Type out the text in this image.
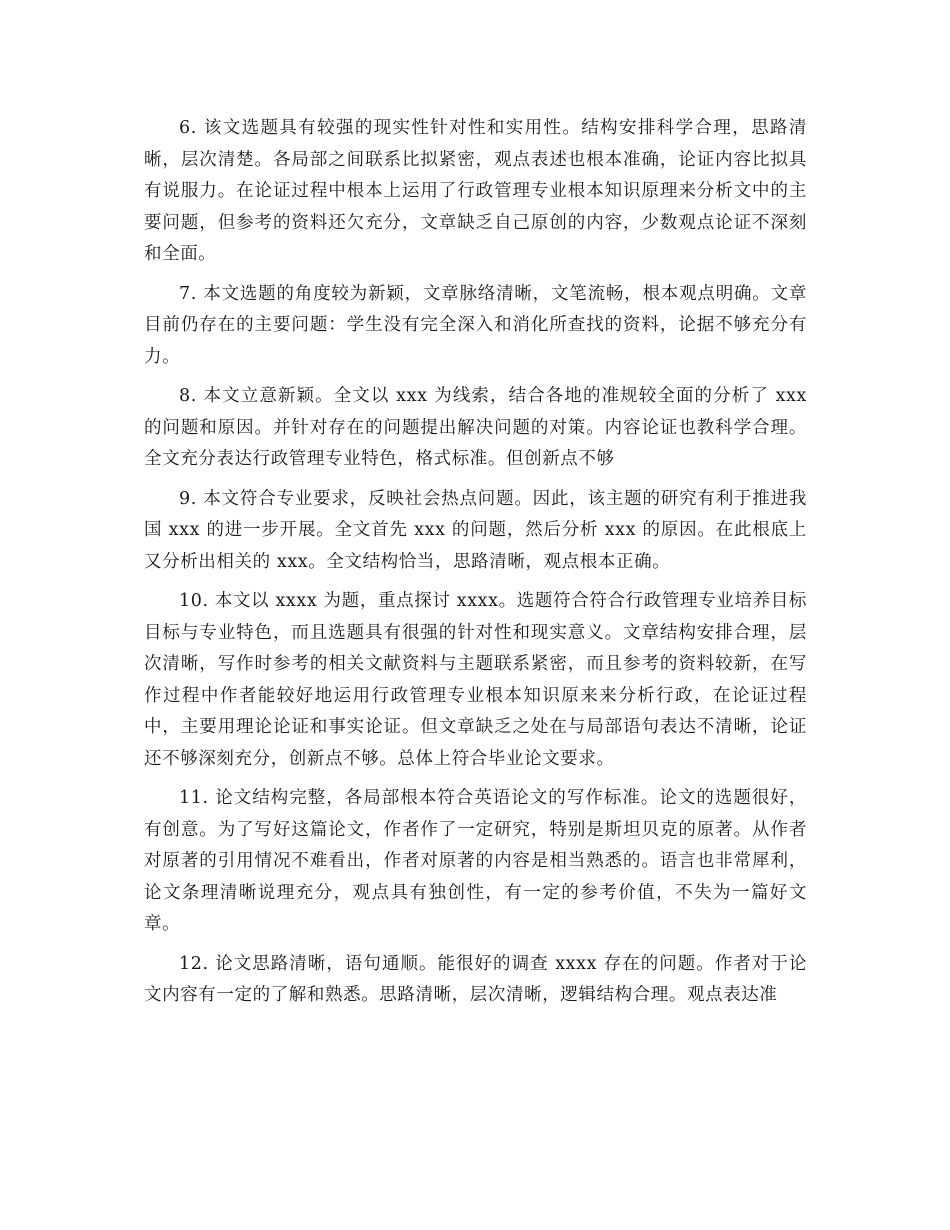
6. 该文选题具有较强的现实性针对性和实用性。结构安排科学合理，思路清晰，层次清楚。各局部之间联系比拟紧密，观点表述也根本准确，论证内容比拟具有说服力。在论证过程中根本上运用了行政管理专业根本知识原理来分析文中的主要问题，但参考的资料还欠充分，文章缺乏自己原创的内容，少数观点论证不深刻和全面。

7. 本文选题的角度较为新颖，文章脉络清晰，文笔流畅，根本观点明确。文章目前仍存在的主要问题：学生没有完全深入和消化所查找的资料，论据不够充分有力。

8. 本文立意新颖。全文以 xxx 为线索，结合各地的准规较全面的分析了 xxx 的问题和原因。并针对存在的问题提出解决问题的对策。内容论证也教科学合理。全文充分表达行政管理专业特色，格式标准。但创新点不够

9. 本文符合专业要求，反映社会热点问题。因此，该主题的研究有利于推进我国 xxx 的进一步开展。全文首先 xxx 的问题，然后分析 xxx 的原因。在此根底上又分析出相关的 xxx。全文结构恰当，思路清晰，观点根本正确。

10. 本文以 xxxx 为题，重点探讨 xxxx。选题符合符合行政管理专业培养目标目标与专业特色，而且选题具有很强的针对性和现实意义。文章结构安排合理，层次清晰，写作时参考的相关文献资料与主题联系紧密，而且参考的资料较新，在写作过程中作者能较好地运用行政管理专业根本知识原来来分析行政，在论证过程中，主要用理论论证和事实论证。但文章缺乏之处在与局部语句表达不清晰，论证还不够深刻充分，创新点不够。总体上符合毕业论文要求。

11. 论文结构完整，各局部根本符合英语论文的写作标准。论文的选题很好，有创意。为了写好这篇论文，作者作了一定研究，特别是斯坦贝克的原著。从作者对原著的引用情况不难看出，作者对原著的内容是相当熟悉的。语言也非常犀利，论文条理清晰说理充分，观点具有独创性，有一定的参考价值，不失为一篇好文章。

12. 论文思路清晰，语句通顺。能很好的调查 xxxx 存在的问题。作者对于论文内容有一定的了解和熟悉。思路清晰，层次清晰，逻辑结构合理。观点表达准
